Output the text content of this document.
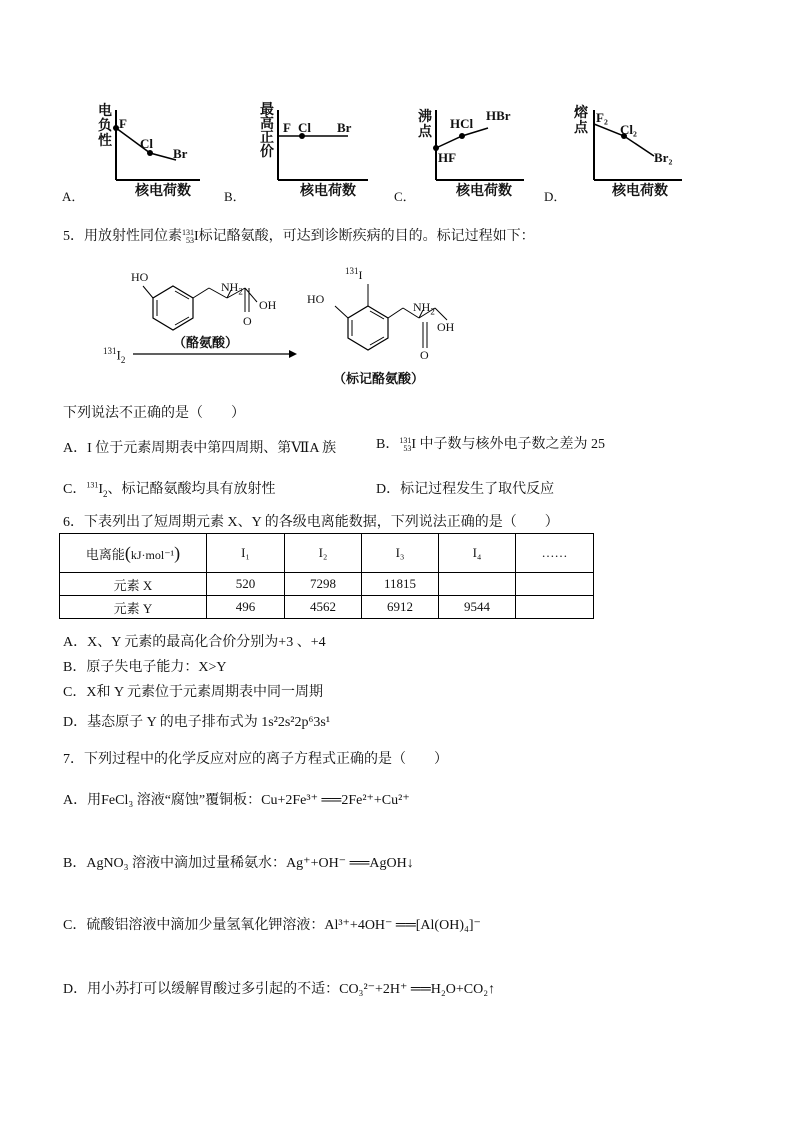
A．
电
负
性
F
Cl
Br
核电荷数	B．
最
高
正
价
F Cl Br
核电荷数	C．
沸
点
HF
HCl
HBr
核电荷数 D．
熔
点
F₂
Cl₂
Br₂
核电荷数
5．用放射性同位素131
53I标记酪氨酸，可达到诊断疾病的目的。标记过程如下：
HO
$NH_2$
OH
O
（酪氨酸）
$^{131}I_2$
$^{131}$I
HO
$NH_2$
OH
O
（标记酪氨酸）
下列说法不正确的是（　　）
A．I 位于元素周期表中第四周期、第ⅦA 族	B．131
53I 中子数与核外电子数之差为 25
C．$^{131}I_2$、标记酪氨酸均具有放射性	D．标记过程发生了取代反应
6．下表列出了短周期元素 X、Y 的各级电离能数据，下列说法正确的是（　　）
电离能(kJ·mol⁻¹)	I₁	I₂	I₃	I₄	……
元素 X	520	7298	11815		
元素 Y	496	4562	6912	9544	
A．X、Y 元素的最高化合价分别为+3 、+4
B．原子失电子能力：X>Y
C．X和 Y 元素位于元素周期表中同一周期
D．基态原子 Y 的电子排布式为 1s²2s²2p⁶3s¹
7．下列过程中的化学反应对应的离子方程式正确的是（　　）
A．用FeCl₃ 溶液“腐蚀”覆铜板：Cu+2Fe³⁺ ══2Fe²⁺+Cu²⁺
B．AgNO₃ 溶液中滴加过量稀氨水：Ag⁺+OH⁻ ══AgOH↓
C．硫酸铝溶液中滴加少量氢氧化钾溶液：Al³⁺+4OH⁻ ══[Al(OH)₄]⁻
D．用小苏打可以缓解胃酸过多引起的不适：CO₃²⁻+2H⁺ ══H₂O+CO₂↑
